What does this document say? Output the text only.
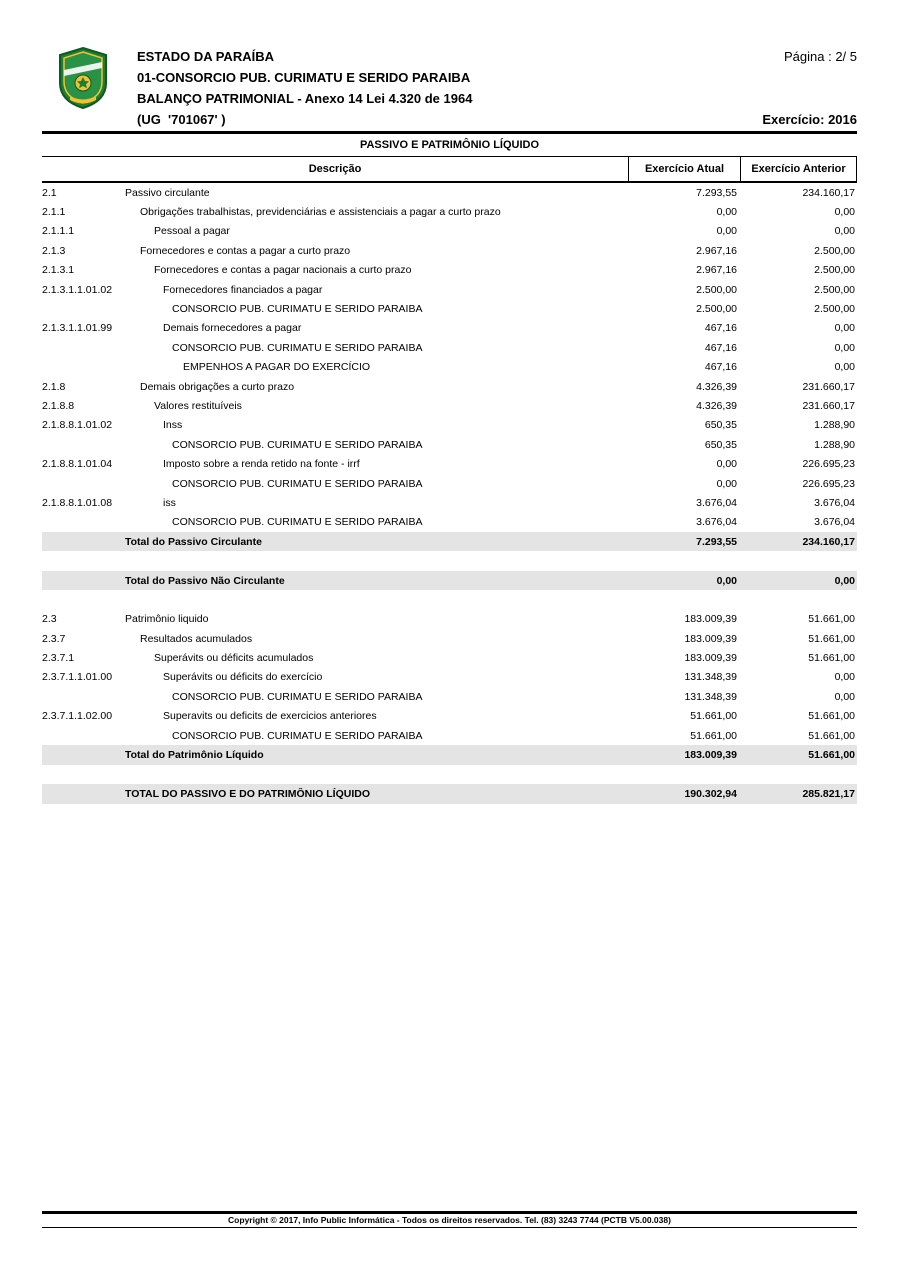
ESTADO DA PARAÍBA	Página : 2/ 5
01-CONSORCIO PUB. CURIMATU E SERIDO PARAIBA
BALANÇO PATRIMONIAL - Anexo 14 Lei 4.320 de 1964
(UG  '701067' )	Exercício: 2016
PASSIVO E PATRIMÔNIO LÍQUIDO
Descrição	Exercício Atual	Exercício Anterior
2.1	Passivo circulante	7.293,55	234.160,17
2.1.1	Obrigações trabalhistas, previdenciárias e assistenciais a pagar a curto prazo	0,00	0,00
2.1.1.1	Pessoal a pagar	0,00	0,00
2.1.3	Fornecedores e contas a pagar a curto prazo	2.967,16	2.500,00
2.1.3.1	Fornecedores e contas a pagar nacionais a curto prazo	2.967,16	2.500,00
2.1.3.1.1.01.02	Fornecedores financiados a pagar	2.500,00	2.500,00
CONSORCIO PUB. CURIMATU E SERIDO PARAIBA	2.500,00	2.500,00
2.1.3.1.1.01.99	Demais fornecedores a pagar	467,16	0,00
CONSORCIO PUB. CURIMATU E SERIDO PARAIBA	467,16	0,00
EMPENHOS A PAGAR DO EXERCÍCIO	467,16	0,00
2.1.8	Demais obrigações a curto prazo	4.326,39	231.660,17
2.1.8.8	Valores restituíveis	4.326,39	231.660,17
2.1.8.8.1.01.02	Inss	650,35	1.288,90
CONSORCIO PUB. CURIMATU E SERIDO PARAIBA	650,35	1.288,90
2.1.8.8.1.01.04	Imposto sobre a renda retido na fonte - irrf	0,00	226.695,23
CONSORCIO PUB. CURIMATU E SERIDO PARAIBA	0,00	226.695,23
2.1.8.8.1.01.08	iss	3.676,04	3.676,04
CONSORCIO PUB. CURIMATU E SERIDO PARAIBA	3.676,04	3.676,04
Total do Passivo Circulante	7.293,55	234.160,17
Total do Passivo Não Circulante	0,00	0,00
2.3	Patrimônio liquido	183.009,39	51.661,00
2.3.7	Resultados acumulados	183.009,39	51.661,00
2.3.7.1	Superávits ou déficits acumulados	183.009,39	51.661,00
2.3.7.1.1.01.00	Superávits ou déficits do exercício	131.348,39	0,00
CONSORCIO PUB. CURIMATU E SERIDO PARAIBA	131.348,39	0,00
2.3.7.1.1.02.00	Superavits ou deficits de exercicios anteriores	51.661,00	51.661,00
CONSORCIO PUB. CURIMATU E SERIDO PARAIBA	51.661,00	51.661,00
Total do Patrimônio Líquido	183.009,39	51.661,00
TOTAL DO PASSIVO E DO PATRIMÔNIO LÍQUIDO	190.302,94	285.821,17
Copyright © 2017, Info Public Informática - Todos os direitos reservados. Tel. (83) 3243 7744 (PCTB V5.00.038)
